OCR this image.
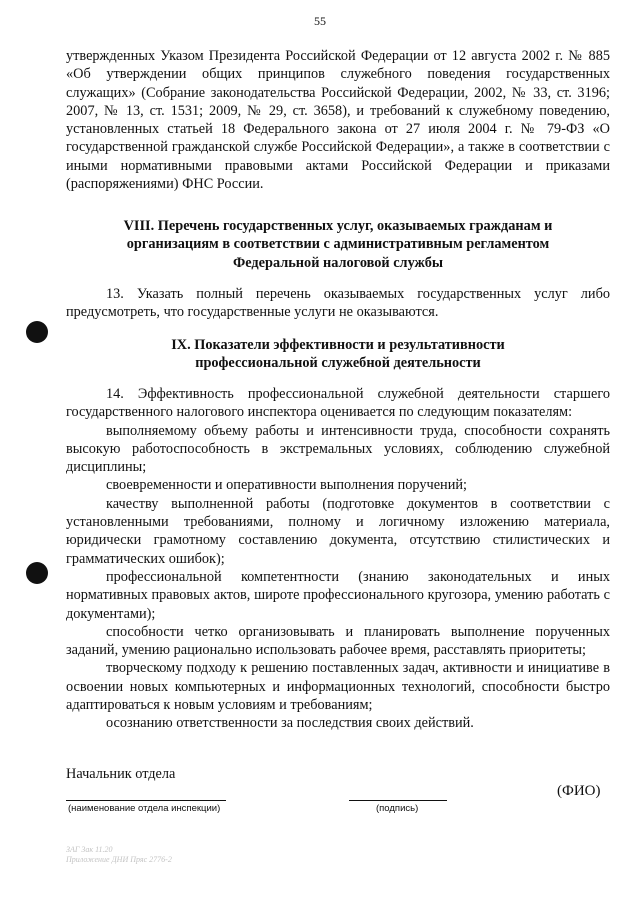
55

утвержденных Указом Президента Российской Федерации от 12 августа 2002 г. № 885 «Об утверждении общих принципов служебного поведения государственных служащих» (Собрание законодательства Российской Федерации, 2002, № 33, ст. 3196; 2007, № 13, ст. 1531; 2009, № 29, ст. 3658), и требований к служебному поведению, установленных статьей 18 Федерального закона от 27 июля 2004 г. № 79-ФЗ «О государственной гражданской службе Российской Федерации», а также в соответствии с иными нормативными правовыми актами Российской Федерации и приказами (распоряжениями) ФНС России.

VIII. Перечень государственных услуг, оказываемых гражданам и
организациям в соответствии с административным регламентом
Федеральной налоговой службы

13. Указать полный перечень оказываемых государственных услуг либо предусмотреть, что государственные услуги не оказываются.

IX. Показатели эффективности и результативности
профессиональной служебной деятельности

14. Эффективность профессиональной служебной деятельности старшего государственного налогового инспектора оценивается по следующим показателям:

выполняемому объему работы и интенсивности труда, способности сохранять высокую работоспособность в экстремальных условиях, соблюдению служебной дисциплины;

своевременности и оперативности выполнения поручений;

качеству выполненной работы (подготовке документов в соответствии с установленными требованиями, полному и логичному изложению материала, юридически грамотному составлению документа, отсутствию стилистических и грамматических ошибок);

профессиональной компетентности (знанию законодательных и иных нормативных правовых актов, широте профессионального кругозора, умению работать с документами);

способности четко организовывать и планировать выполнение порученных заданий, умению рационально использовать рабочее время, расставлять приоритеты;

творческому подходу к решению поставленных задач, активности и инициативе в освоении новых компьютерных и информационных технологий, способности быстро адаптироваться к новым условиям и требованиям;

осознанию ответственности за последствия своих действий.

Начальник отдела
(ФИО)
(наименование отдела инспекции)	(подпись)
ЗАГ 3ак 11.20
Приложение ДНИ Пряс 2776-2
